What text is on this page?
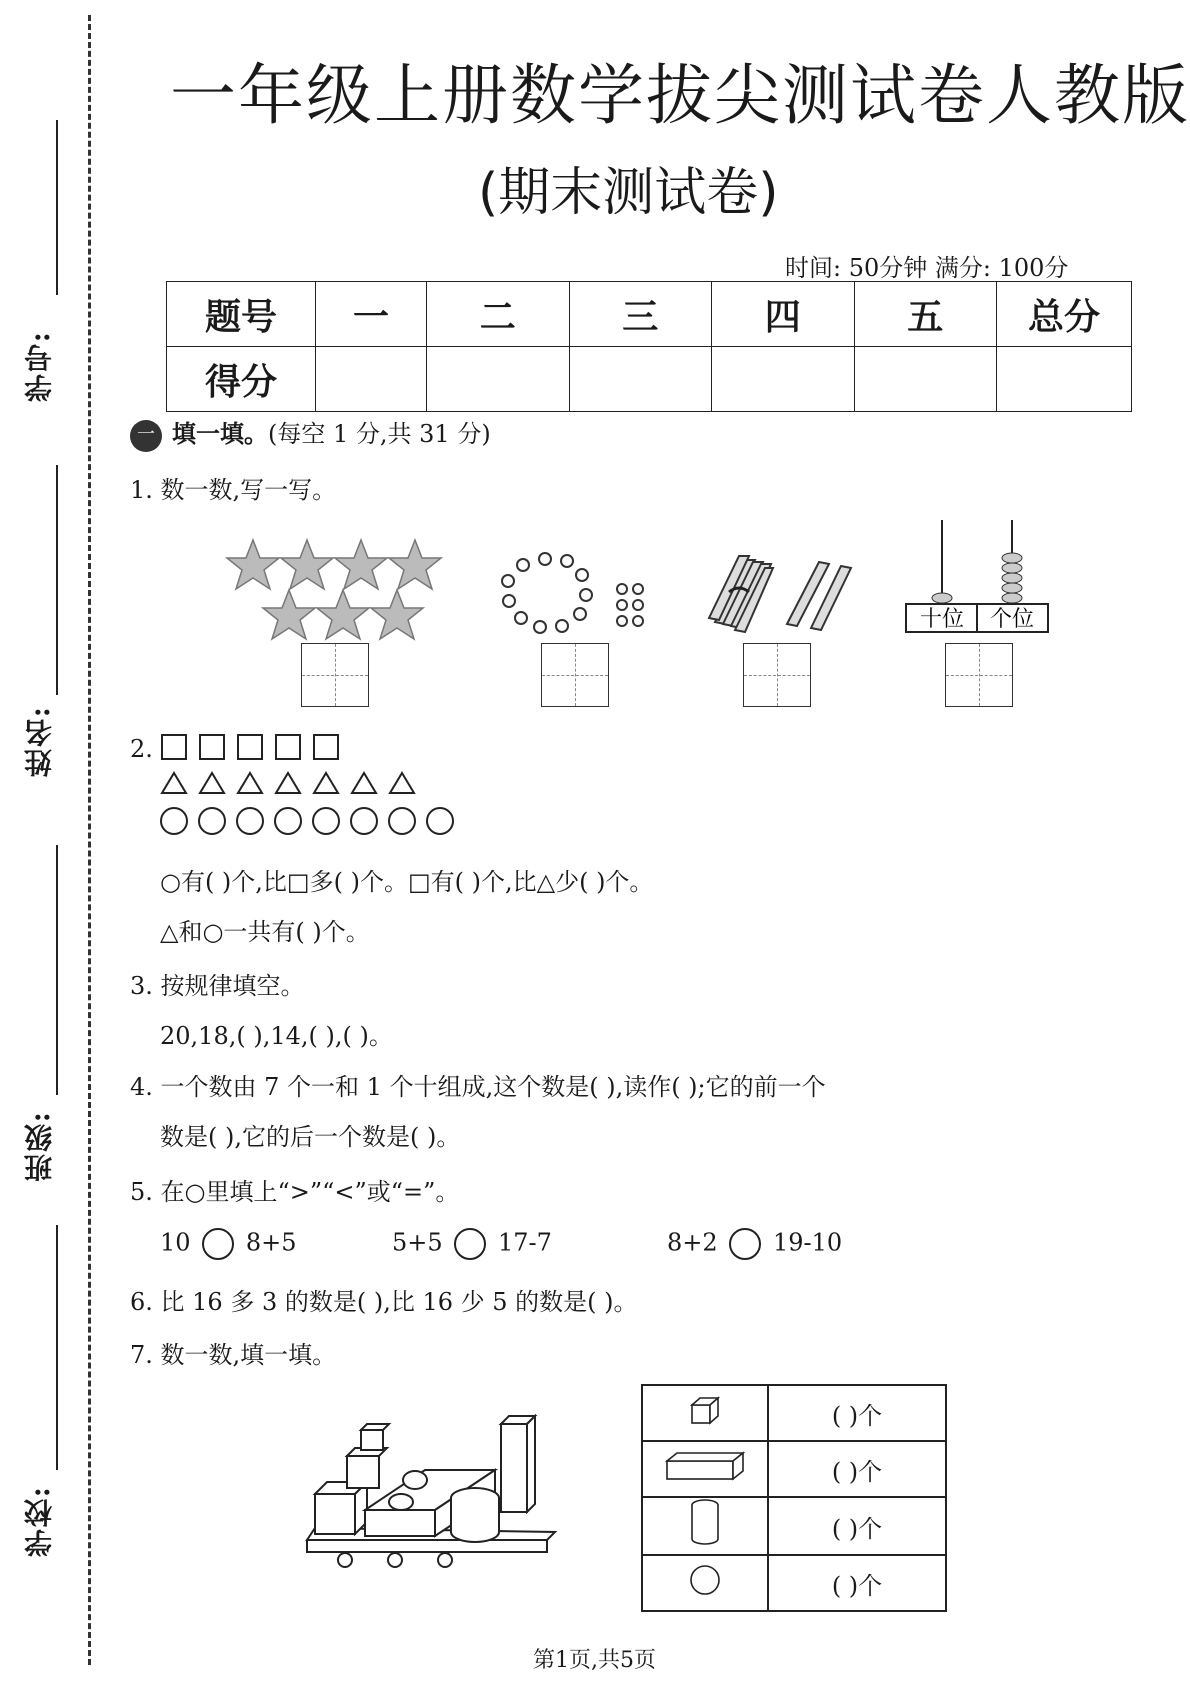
学号:
姓名:
班级:
学校:
一年级上册数学拔尖测试卷人教版
(期末测试卷)
时间: 50分钟 满分: 100分
题号	一	二	三	四	五	总分
得分						
一 填一填。(每空 1 分,共 31 分)
1. 数一数,写一写。
十位 个位
2.
○有( )个,比□多( )个。□有( )个,比△少( )个。
△和○一共有( )个。
3. 按规律填空。
20,18,( ),14,( ),( )。
4. 一个数由 7 个一和 1 个十组成,这个数是( ),读作( );它的前一个
数是( ),它的后一个数是( )。
5. 在○里填上“>”“<”或“=”。
10 8+5	5+5 17-7	8+2 19-10
6. 比 16 多 3 的数是( ),比 16 少 5 的数是( )。
7. 数一数,填一填。
	( )个
	( )个
	( )个
	( )个
第1页,共5页
